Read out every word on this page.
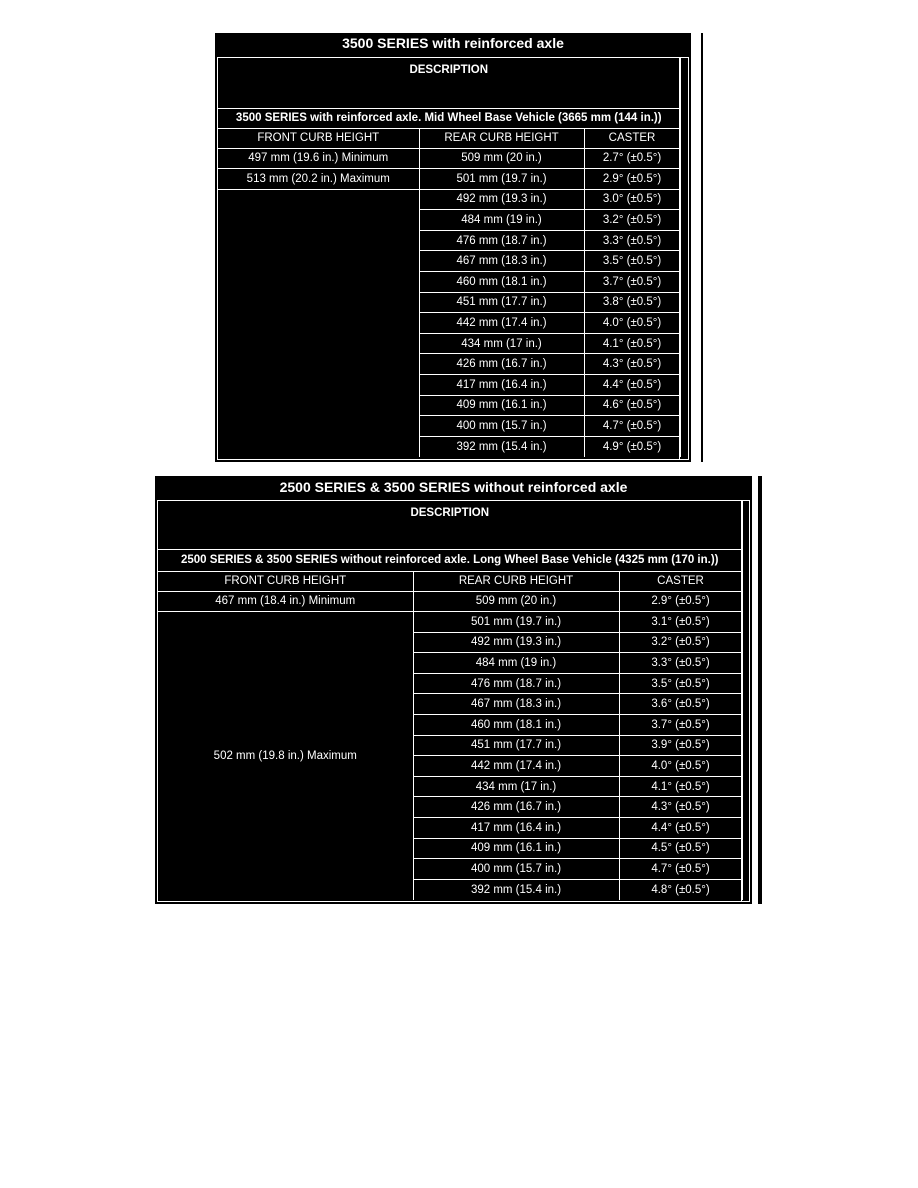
3500 SERIES with reinforced axle
DESCRIPTION		
3500 SERIES with reinforced axle. Mid Wheel Base Vehicle (3665 mm (144 in.))		
FRONT CURB HEIGHT	REAR CURB HEIGHT	CASTER
497 mm (19.6 in.) Minimum	509 mm (20 in.)	2.7° (±0.5°)
513 mm (20.2 in.) Maximum	501 mm (19.7 in.)	2.9° (±0.5°)
	492 mm (19.3 in.)	3.0° (±0.5°)
	484 mm (19 in.)	3.2° (±0.5°)
	476 mm (18.7 in.)	3.3° (±0.5°)
	467 mm (18.3 in.)	3.5° (±0.5°)
	460 mm (18.1 in.)	3.7° (±0.5°)
	451 mm (17.7 in.)	3.8° (±0.5°)
	442 mm (17.4 in.)	4.0° (±0.5°)
	434 mm (17 in.)	4.1° (±0.5°)
	426 mm (16.7 in.)	4.3° (±0.5°)
	417 mm (16.4 in.)	4.4° (±0.5°)
	409 mm (16.1 in.)	4.6° (±0.5°)
	400 mm (15.7 in.)	4.7° (±0.5°)
	392 mm (15.4 in.)	4.9° (±0.5°)
2500 SERIES & 3500 SERIES without reinforced axle
DESCRIPTION		
2500 SERIES & 3500 SERIES without reinforced axle. Long Wheel Base Vehicle (4325 mm (170 in.))		
FRONT CURB HEIGHT	REAR CURB HEIGHT	CASTER
467 mm (18.4 in.) Minimum	509 mm (20 in.)	2.9° (±0.5°)
502 mm (19.8 in.) Maximum	501 mm (19.7 in.)	3.1° (±0.5°)
	492 mm (19.3 in.)	3.2° (±0.5°)
	484 mm (19 in.)	3.3° (±0.5°)
	476 mm (18.7 in.)	3.5° (±0.5°)
	467 mm (18.3 in.)	3.6° (±0.5°)
	460 mm (18.1 in.)	3.7° (±0.5°)
	451 mm (17.7 in.)	3.9° (±0.5°)
	442 mm (17.4 in.)	4.0° (±0.5°)
	434 mm (17 in.)	4.1° (±0.5°)
	426 mm (16.7 in.)	4.3° (±0.5°)
	417 mm (16.4 in.)	4.4° (±0.5°)
	409 mm (16.1 in.)	4.5° (±0.5°)
	400 mm (15.7 in.)	4.7° (±0.5°)
	392 mm (15.4 in.)	4.8° (±0.5°)
